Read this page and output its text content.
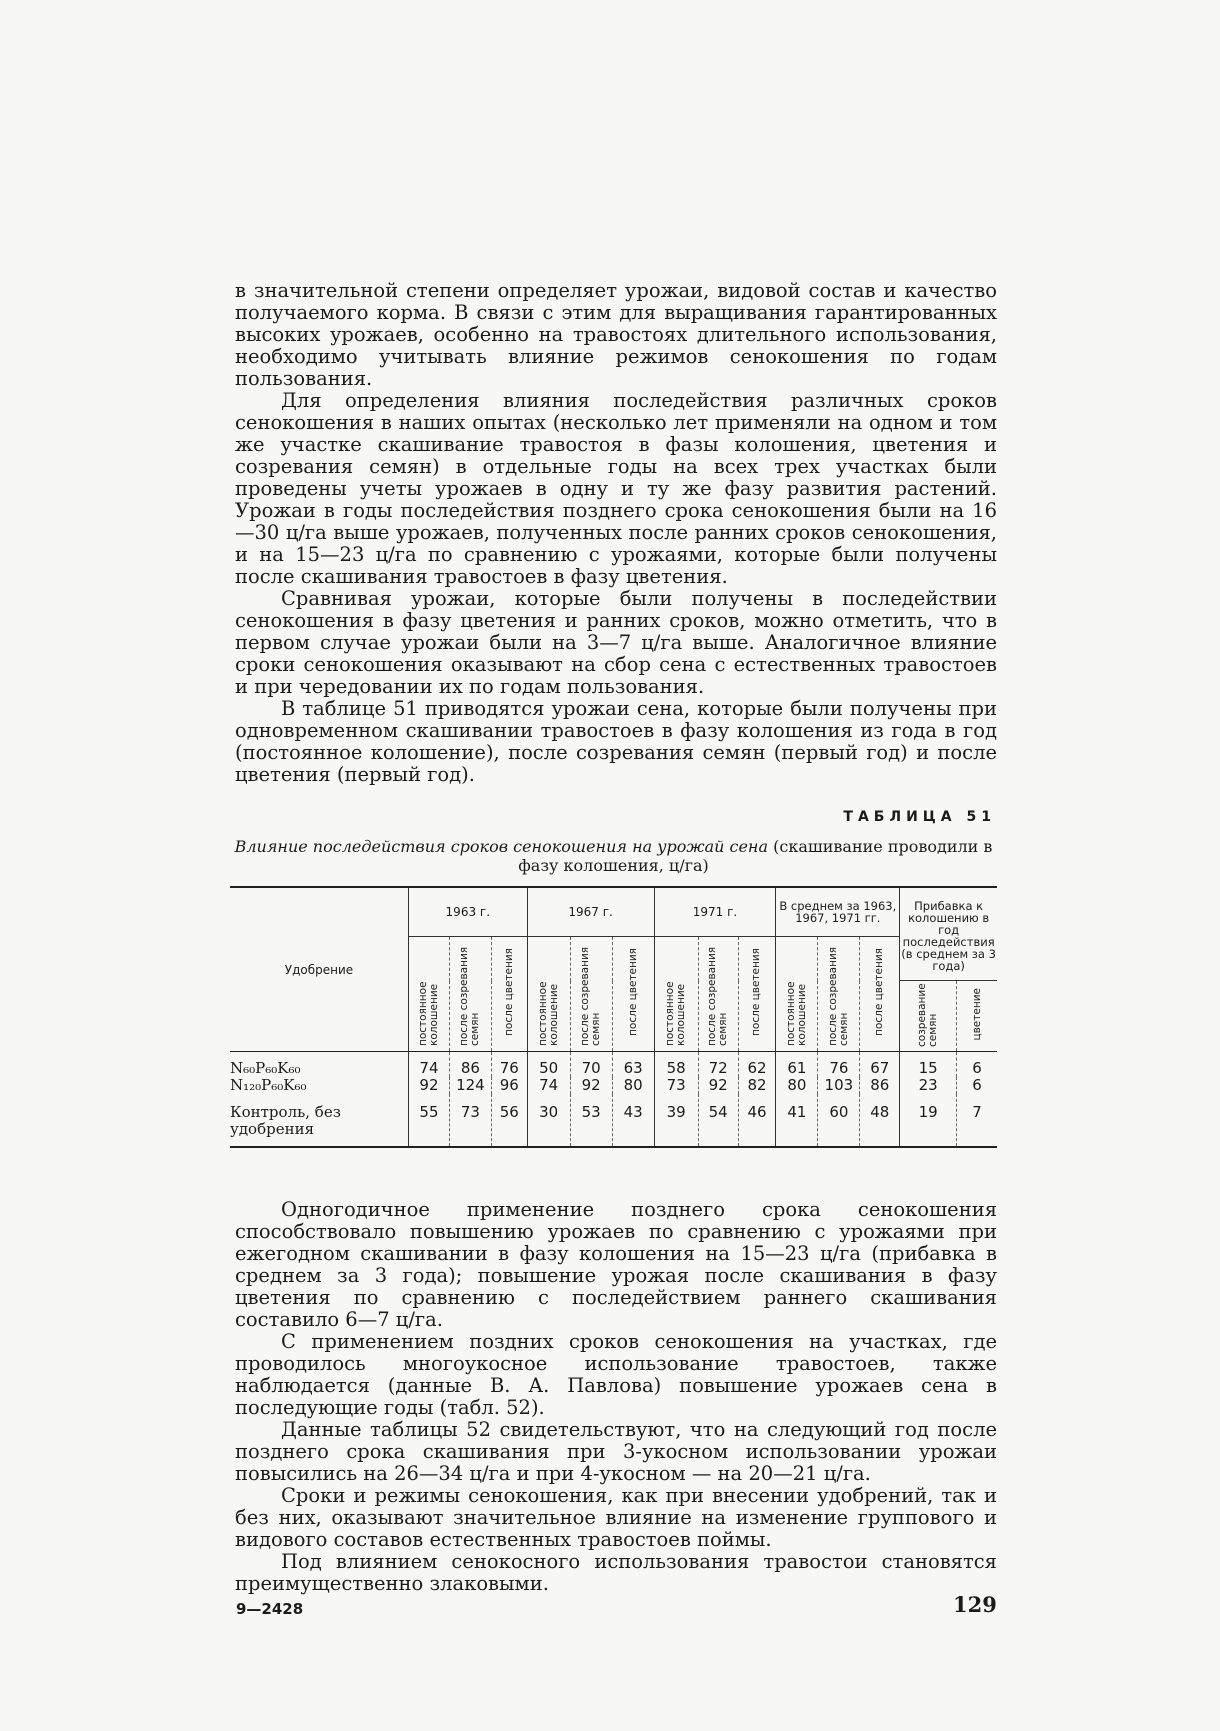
в значительной степени определяет урожаи, видовой состав и качество получаемого корма. В связи с этим для выращивания гарантированных высоких урожаев, особенно на травостоях длительного использования, необходимо учитывать влияние режимов сенокошения по годам пользования.

Для определения влияния последействия различных сроков сенокошения в наших опытах (несколько лет применяли на одном и том же участке скашивание травостоя в фазы колошения, цветения и созревания семян) в отдельные годы на всех трех участках были проведены учеты урожаев в одну и ту же фазу развития растений. Урожаи в годы последействия позднего срока сенокошения были на 16—30 ц/га выше урожаев, полученных после ранних сроков сенокошения, и на 15—23 ц/га по сравнению с урожаями, которые были получены после скашивания травостоев в фазу цветения.

Сравнивая урожаи, которые были получены в последействии сенокошения в фазу цветения и ранних сроков, можно отметить, что в первом случае урожаи были на 3—7 ц/га выше. Аналогичное влияние сроки сенокошения оказывают на сбор сена с естественных травостоев и при чередовании их по годам пользования.

В таблице 51 приводятся урожаи сена, которые были получены при одновременном скашивании травостоев в фазу колошения из года в год (постоянное колошение), после созревания семян (первый год) и после цветения (первый год).

ТАБЛИЦА 51
Влияние последействия сроков сенокошения на урожай сена (скашивание проводили в фазу колошения, ц/га)
Удобрение	1963 г.			1967 г.			1971 г.			В среднем за 1963, 1967, 1971 гг.			Прибавка к колошению в год последействия (в среднем за 3 года)	
	постоянное колошение	после созревания семян	после цветения	постоянное колошение	после созревания семян	после цветения	постоянное колошение	после созревания семян	после цветения	постоянное колошение	после созревания семян	после цветения		
													созревание семян	цветение
N₆₀P₆₀K₆₀	74	86	76	50	70	63	58	72	62	61	76	67	15	6
N₁₂₀P₆₀K₆₀	92	124	96	74	92	80	73	92	82	80	103	86	23	6
Контроль, без удобрения	55	73	56	30	53	43	39	54	46	41	60	48	19	7

Одногодичное применение позднего срока сенокошения способствовало повышению урожаев по сравнению с урожаями при ежегодном скашивании в фазу колошения на 15—23 ц/га (прибавка в среднем за 3 года); повышение урожая после скашивания в фазу цветения по сравнению с последействием раннего скашивания составило 6—7 ц/га.

С применением поздних сроков сенокошения на участках, где проводилось многоукосное использование травостоев, также наблюдается (данные В. А. Павлова) повышение урожаев сена в последующие годы (табл. 52).

Данные таблицы 52 свидетельствуют, что на следующий год после позднего срока скашивания при 3-укосном использовании урожаи повысились на 26—34 ц/га и при 4-укосном — на 20—21 ц/га.

Сроки и режимы сенокошения, как при внесении удобрений, так и без них, оказывают значительное влияние на изменение группового и видового составов естественных травостоев поймы.

Под влиянием сенокосного использования травостои становятся преимущественно злаковыми.

9—2428	129
